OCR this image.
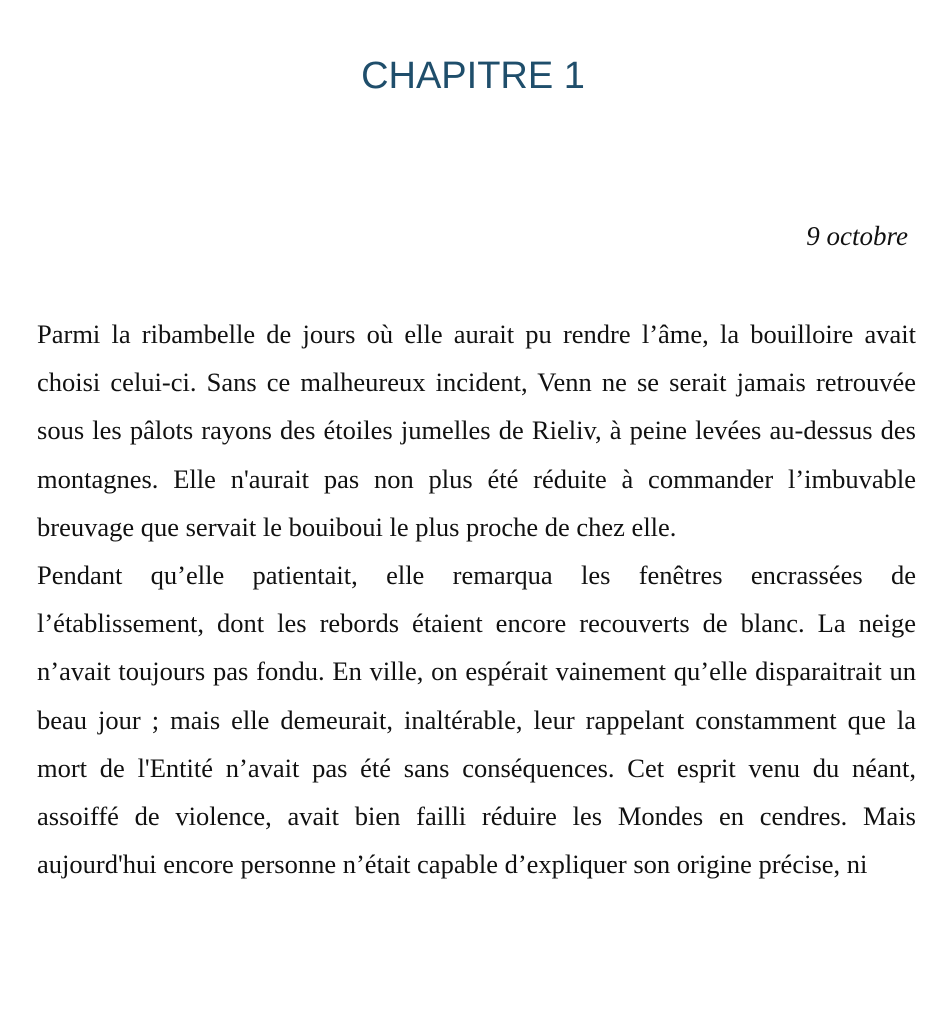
CHAPITRE 1
9 octobre

Parmi la ribambelle de jours où elle aurait pu rendre l’âme, la bouilloire avait choisi celui-ci. Sans ce malheureux incident, Venn ne se serait jamais retrouvée sous les pâlots rayons des étoiles jumelles de Rieliv, à peine levées au-dessus des montagnes. Elle n'aurait pas non plus été réduite à commander l’imbuvable breuvage que servait le bouiboui le plus proche de chez elle.

Pendant qu’elle patientait, elle remarqua les fenêtres encrassées de l’établissement, dont les rebords étaient encore recouverts de blanc. La neige n’avait toujours pas fondu. En ville, on espérait vainement qu’elle disparaitrait un beau jour ; mais elle demeurait, inaltérable, leur rappelant constamment que la mort de l'Entité n’avait pas été sans conséquences. Cet esprit venu du néant, assoiffé de violence, avait bien failli réduire les Mondes en cendres. Mais aujourd'hui encore personne n’était capable d’expliquer son origine précise, ni
